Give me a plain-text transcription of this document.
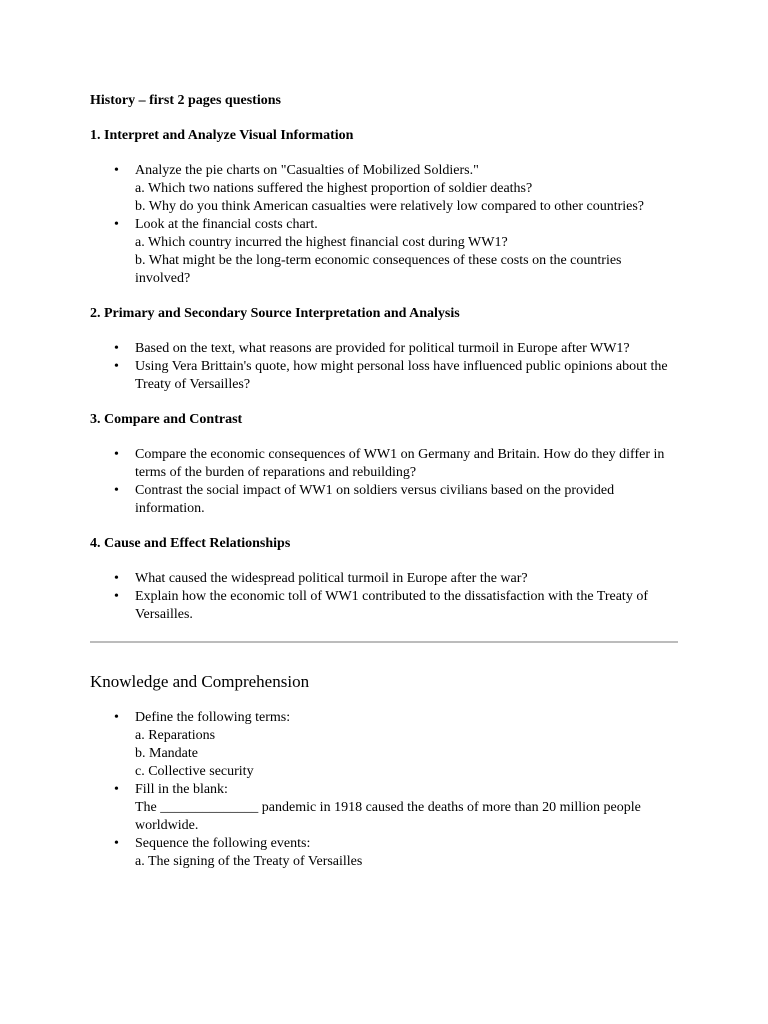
History – first 2 pages questions

1. Interpret and Analyze Visual Information

• Analyze the pie charts on "Casualties of Mobilized Soldiers."
a. Which two nations suffered the highest proportion of soldier deaths?
b. Why do you think American casualties were relatively low compared to other countries?
• Look at the financial costs chart.
a. Which country incurred the highest financial cost during WW1?
b. What might be the long-term economic consequences of these costs on the countries involved?

2. Primary and Secondary Source Interpretation and Analysis

• Based on the text, what reasons are provided for political turmoil in Europe after WW1?
• Using Vera Brittain's quote, how might personal loss have influenced public opinions about the Treaty of Versailles?

3. Compare and Contrast

• Compare the economic consequences of WW1 on Germany and Britain. How do they differ in terms of the burden of reparations and rebuilding?
• Contrast the social impact of WW1 on soldiers versus civilians based on the provided information.

4. Cause and Effect Relationships

• What caused the widespread political turmoil in Europe after the war?
• Explain how the economic toll of WW1 contributed to the dissatisfaction with the Treaty of Versailles.
Knowledge and Comprehension
• Define the following terms:
a. Reparations
b. Mandate
c. Collective security
• Fill in the blank:
The ______________ pandemic in 1918 caused the deaths of more than 20 million people worldwide.
• Sequence the following events:
a. The signing of the Treaty of Versailles
